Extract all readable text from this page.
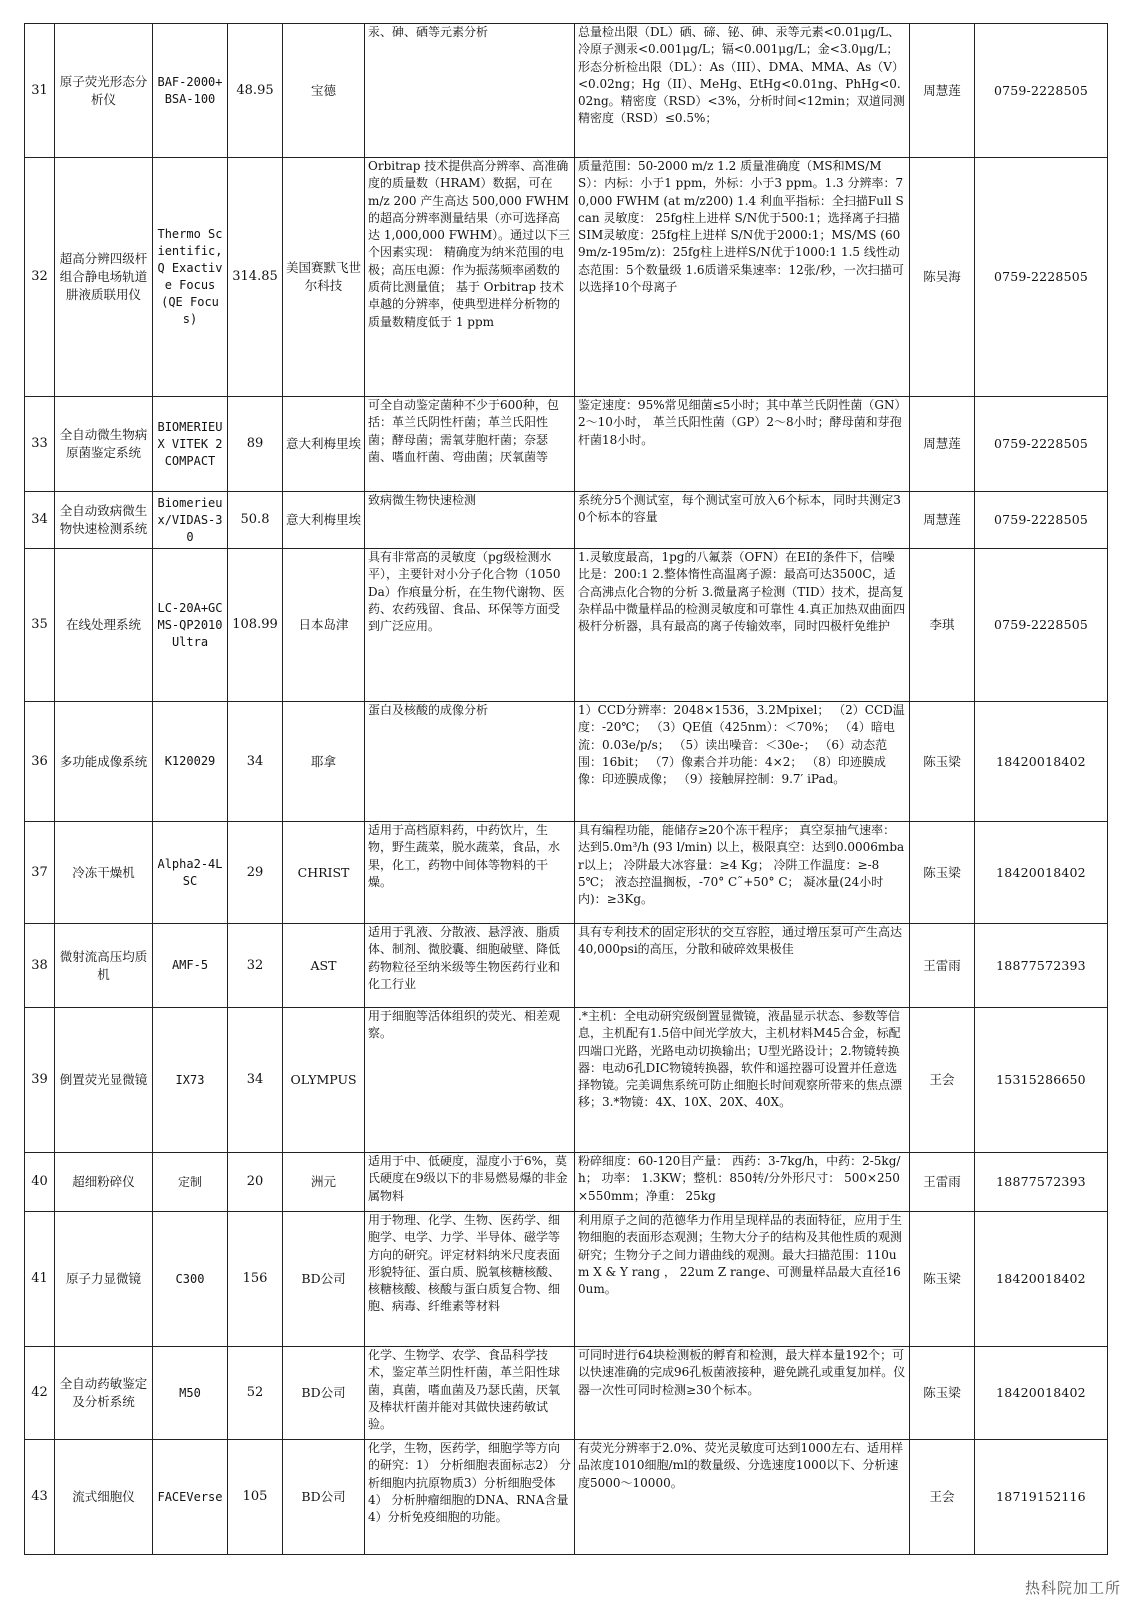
31	原子荧光形态分析仪	BAF-2000+BSA-100	48.95	宝德	汞、砷、硒等元素分析	总量检出限（DL）硒、碲、铋、砷、汞等元素<0.01μg/L、冷原子测汞<0.001μg/L；镉<0.001μg/L；金<3.0μg/L；形态分析检出限（DL）：As（III）、DMA、MMA、As（V）<0.02ng；Hg（II）、MeHg、EtHg<0.01ng、PhHg<0.02ng。精密度（RSD）<3%，分析时间<12min；双道同测精密度（RSD）≤0.5%；	周慧莲	0759-2228505
32	超高分辨四级杆组合静电场轨道肼液质联用仪	Thermo Scientific, Q Exactive Focus (QE Focus)	314.85	美国赛默飞世尔科技	Orbitrap 技术提供高分辨率、高准确度的质量数（HRAM）数据，可在 m/z 200 产生高达 500,000 FWHM 的超高分辨率测量结果（亦可选择高达 1,000,000 FWHM）。通过以下三个因素实现： 精确度为纳米范围的电极；高压电源：作为振荡频率函数的质荷比测量值； 基于 Orbitrap 技术卓越的分辨率，使典型进样分析物的质量数精度低于 1 ppm	质量范围：50-2000 m/z 1.2 质量准确度（MS和MS/MS）：内标：小于1 ppm，外标：小于3 ppm。1.3 分辨率：70,000 FWHM (at m/z200) 1.4 利血平指标：全扫描Full Scan 灵敏度： 25fg柱上进样 S/N优于500:1；选择离子扫描SIM灵敏度：25fg柱上进样 S/N优于2000:1；MS/MS (609m/z-195m/z)：25fg柱上进样S/N优于1000:1 1.5 线性动态范围：5个数量级 1.6质谱采集速率：12张/秒，一次扫描可以选择10个母离子	陈吴海	0759-2228505
33	全自动微生物病原菌鉴定系统	BIOMERIEUX VITEK 2 COMPACT	89	意大利梅里埃	可全自动鉴定菌种不少于600种，包括：革兰氏阴性杆菌；革兰氏阳性菌；酵母菌；需氧芽胞杆菌；奈瑟菌、嗜血杆菌、弯曲菌；厌氧菌等	鉴定速度：95%常见细菌≤5小时；其中革兰氏阴性菌（GN）2～10小时， 革兰氏阳性菌（GP）2～8小时；酵母菌和芽孢杆菌18小时。	周慧莲	0759-2228505
34	全自动致病微生物快速检测系统	Biomerieux/VIDAS-30	50.8	意大利梅里埃	致病微生物快速检测	系统分5个测试室，每个测试室可放入6个标本，同时共测定30个标本的容量	周慧莲	0759-2228505
35	在线处理系统	LC-20A+GCMS-QP2010Ultra	108.99	日本岛津	具有非常高的灵敏度（pg级检测水平），主要针对小分子化合物（1050 Da）作痕量分析，在生物代谢物、医药、农药残留、食品、环保等方面受到广泛应用。	1.灵敏度最高，1pg的八氟萘（OFN）在EI的条件下，信噪比是：200:1 2.整体惰性高温离子源：最高可达3500C，适合高沸点化合物的分析 3.微量离子检测（TID）技术，提高复杂样品中微量样品的检测灵敏度和可靠性 4.真正加热双曲面四极杆分析器，具有最高的离子传输效率，同时四极杆免维护	李琪	0759-2228505
36	多功能成像系统	K120029	34	耶拿	蛋白及核酸的成像分析	1）CCD分辨率：2048×1536，3.2Mpixel； （2）CCD温度：-20℃； （3）QE值（425nm）：＜70%； （4）暗电流：0.03e/p/s； （5）读出噪音：＜30e-； （6）动态范围：16bit； （7）像素合并功能：4×2； （8）印迹膜成像：印迹膜成像； （9）接触屏控制：9.7′ iPad。	陈玉梁	18420018402
37	冷冻干燥机	Alpha2-4LSC	29	CHRIST	适用于高档原料药，中药饮片，生物，野生蔬菜，脱水蔬菜，食品，水果，化工，药物中间体等物料的干燥。	具有编程功能，能储存≥20个冻干程序； 真空泵抽气速率：达到5.0m³/h (93 l/min) 以上，极限真空：达到0.0006mbar以上； 冷阱最大冰容量：≥4 Kg； 冷阱工作温度：≥-85℃； 液态控温搁板，-70° C˜+50° C； 凝冰量(24小时内)：≥3Kg。	陈玉梁	18420018402
38	微射流高压均质机	AMF-5	32	AST	适用于乳液、分散液、悬浮液、脂质体、制剂、微胶囊、细胞破壁、降低药物粒径至纳米级等生物医药行业和化工行业	具有专利技术的固定形状的交互容腔，通过增压泵可产生高达40,000psi的高压，分散和破碎效果极佳	王雷雨	18877572393
39	倒置荧光显微镜	IX73	34	OLYMPUS	用于细胞等活体组织的荧光、相差观察。	.*主机：全电动研究级倒置显微镜，液晶显示状态、参数等信息，主机配有1.5倍中间光学放大，主机材料M45合金，标配四端口光路，光路电动切换输出；U型光路设计；2.物镜转换器：电动6孔DIC物镜转换器，软件和遥控器可设置并任意选择物镜。完美调焦系统可防止细胞长时间观察所带来的焦点漂移；3.*物镜：4X、10X、20X、40X。	王会	15315286650
40	超细粉碎仪	定制	20	洲元	适用于中、低硬度，湿度小于6%，莫氏硬度在9级以下的非易燃易爆的非金属物料	粉碎细度：60-120目产量： 西药：3-7kg/h，中药：2-5kg/h； 功率： 1.3KW；整机：850转/分外形尺寸： 500×250×550mm；净重： 25kg	王雷雨	18877572393
41	原子力显微镜	C300	156	BD公司	用于物理、化学、生物、医药学、细胞学、电学、力学、半导体、磁学等方向的研究。评定材料纳米尺度表面形貌特征、蛋白质、脱氧核糖核酸、核糖核酸、核酸与蛋白质复合物、细胞、病毒、纤维素等材料	利用原子之间的范德华力作用呈现样品的表面特征，应用于生物细胞的表面形态观测；生物大分子的结构及其他性质的观测研究；生物分子之间力谱曲线的观测。最大扫描范围：110um X & Y rang ， 22um Z range、可测量样品最大直径160um。	陈玉梁	18420018402
42	全自动药敏鉴定及分析系统	M50	52	BD公司	化学、生物学、农学、食品科学技术，鉴定革兰阴性杆菌，革兰阳性球菌，真菌，嗜血菌及乃瑟氏菌，厌氧及棒状杆菌并能对其做快速药敏试验。	可同时进行64块检测板的孵育和检测，最大样本量192个；可以快速准确的完成96孔板菌液接种，避免跳孔或重复加样。仪器一次性可同时检测≥30个标本。	陈玉梁	18420018402
43	流式细胞仪	FACEVerse	105	BD公司	化学，生物，医药学，细胞学等方向的研究：1） 分析细胞表面标志2） 分析细胞内抗原物质3）分析细胞受体 4） 分析肿瘤细胞的DNA、RNA含量 4）分析免疫细胞的功能。	有荧光分辨率于2.0%、荧光灵敏度可达到1000左右、适用样品浓度1010细胞/ml的数量级、分选速度1000以下、分析速度5000～10000。	王会	18719152116
热科院加工所
